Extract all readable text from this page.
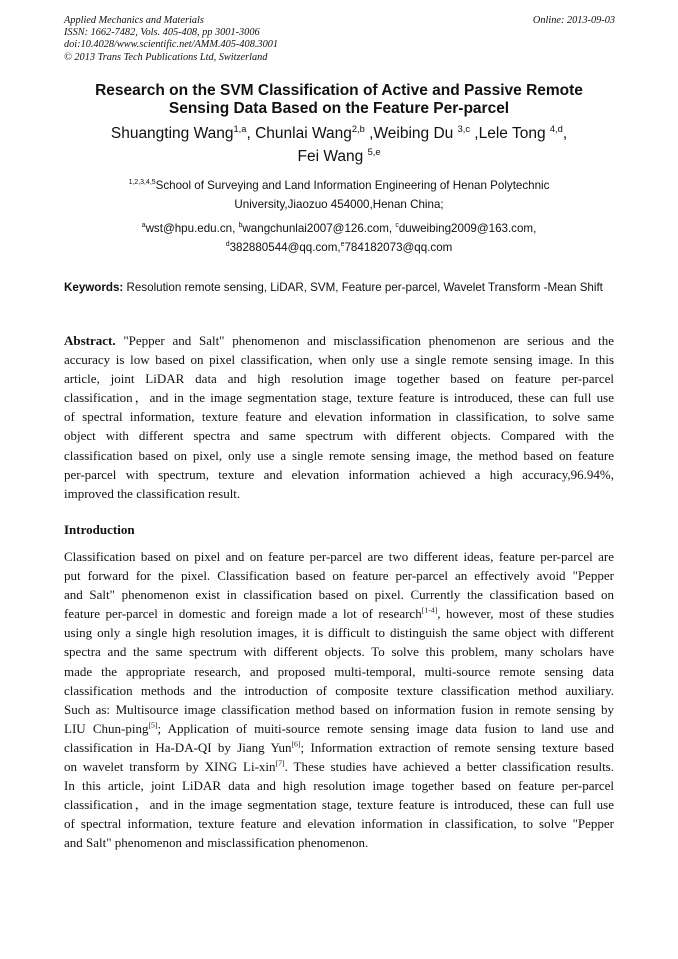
Applied Mechanics and Materials
ISSN: 1662-7482, Vols. 405-408, pp 3001-3006
doi:10.4028/www.scientific.net/AMM.405-408.3001
© 2013 Trans Tech Publications Ltd, Switzerland
Online: 2013-09-03
Research on the SVM Classification of Active and Passive Remote
Sensing Data Based on the Feature Per-parcel
Shuangting Wang$^{1,a}$, Chunlai Wang$^{2,b}$ ,Weibing Du $^{3,c}$ ,Lele Tong $^{4,d}$,
Fei Wang $^{5,e}$
$^{1,2,3,4,5}$School of Surveying and Land Information Engineering of Henan Polytechnic
University,Jiaozuo 454000,Henan China;
$^a$wst@hpu.edu.cn, $^b$wangchunlai2007@126.com, $^c$duweibing2009@163.com,
$^d$382880544@qq.com,$^e$784182073@qq.com
Keywords: Resolution remote sensing, LiDAR, SVM, Feature per-parcel, Wavelet Transform -Mean Shift
Abstract. "Pepper and Salt" phenomenon and misclassification phenomenon are serious and the
accuracy is low based on pixel classification, when only use a single remote sensing image. In this
article, joint LiDAR data and high resolution image together based on feature per-parcel
classification，and in the image segmentation stage, texture feature is introduced, these can full use
of spectral information, texture feature and elevation information in classification, to solve same
object with different spectra and same spectrum with different objects. Compared with the
classification based on pixel, only use a single remote sensing image, the method based on feature
per-parcel with spectrum, texture and elevation information achieved a high accuracy,96.94%,
improved the classification result.
Introduction
Classification based on pixel and on feature per-parcel are two different ideas, feature per-parcel are
put forward for the pixel. Classification based on feature per-parcel an effectively avoid "Pepper
and Salt" phenomenon exist in classification based on pixel. Currently the classification based on
feature per-parcel in domestic and foreign made a lot of research[1-4], however, most of these studies
using only a single high resolution images, it is difficult to distinguish the same object with different
spectra and the same spectrum with different objects. To solve this problem, many scholars have
made the appropriate research, and proposed multi-temporal, multi-source remote sensing data
classification methods and the introduction of composite texture classification method auxiliary.
Such as: Multisource image classification method based on information fusion in remote sensing by
LIU Chun-ping[5]; Application of muiti-source remote sensing image data fusion to land use and
classification in Ha-DA-QI by Jiang Yun[6]; Information extraction of remote sensing texture based
on wavelet transform by XING Li-xin[7]. These studies have achieved a better classification results.
In this article, joint LiDAR data and high resolution image together based on feature per-parcel
classification，and in the image segmentation stage, texture feature is introduced, these can full use
of spectral information, texture feature and elevation information in classification, to solve "Pepper
and Salt" phenomenon and misclassification phenomenon.
